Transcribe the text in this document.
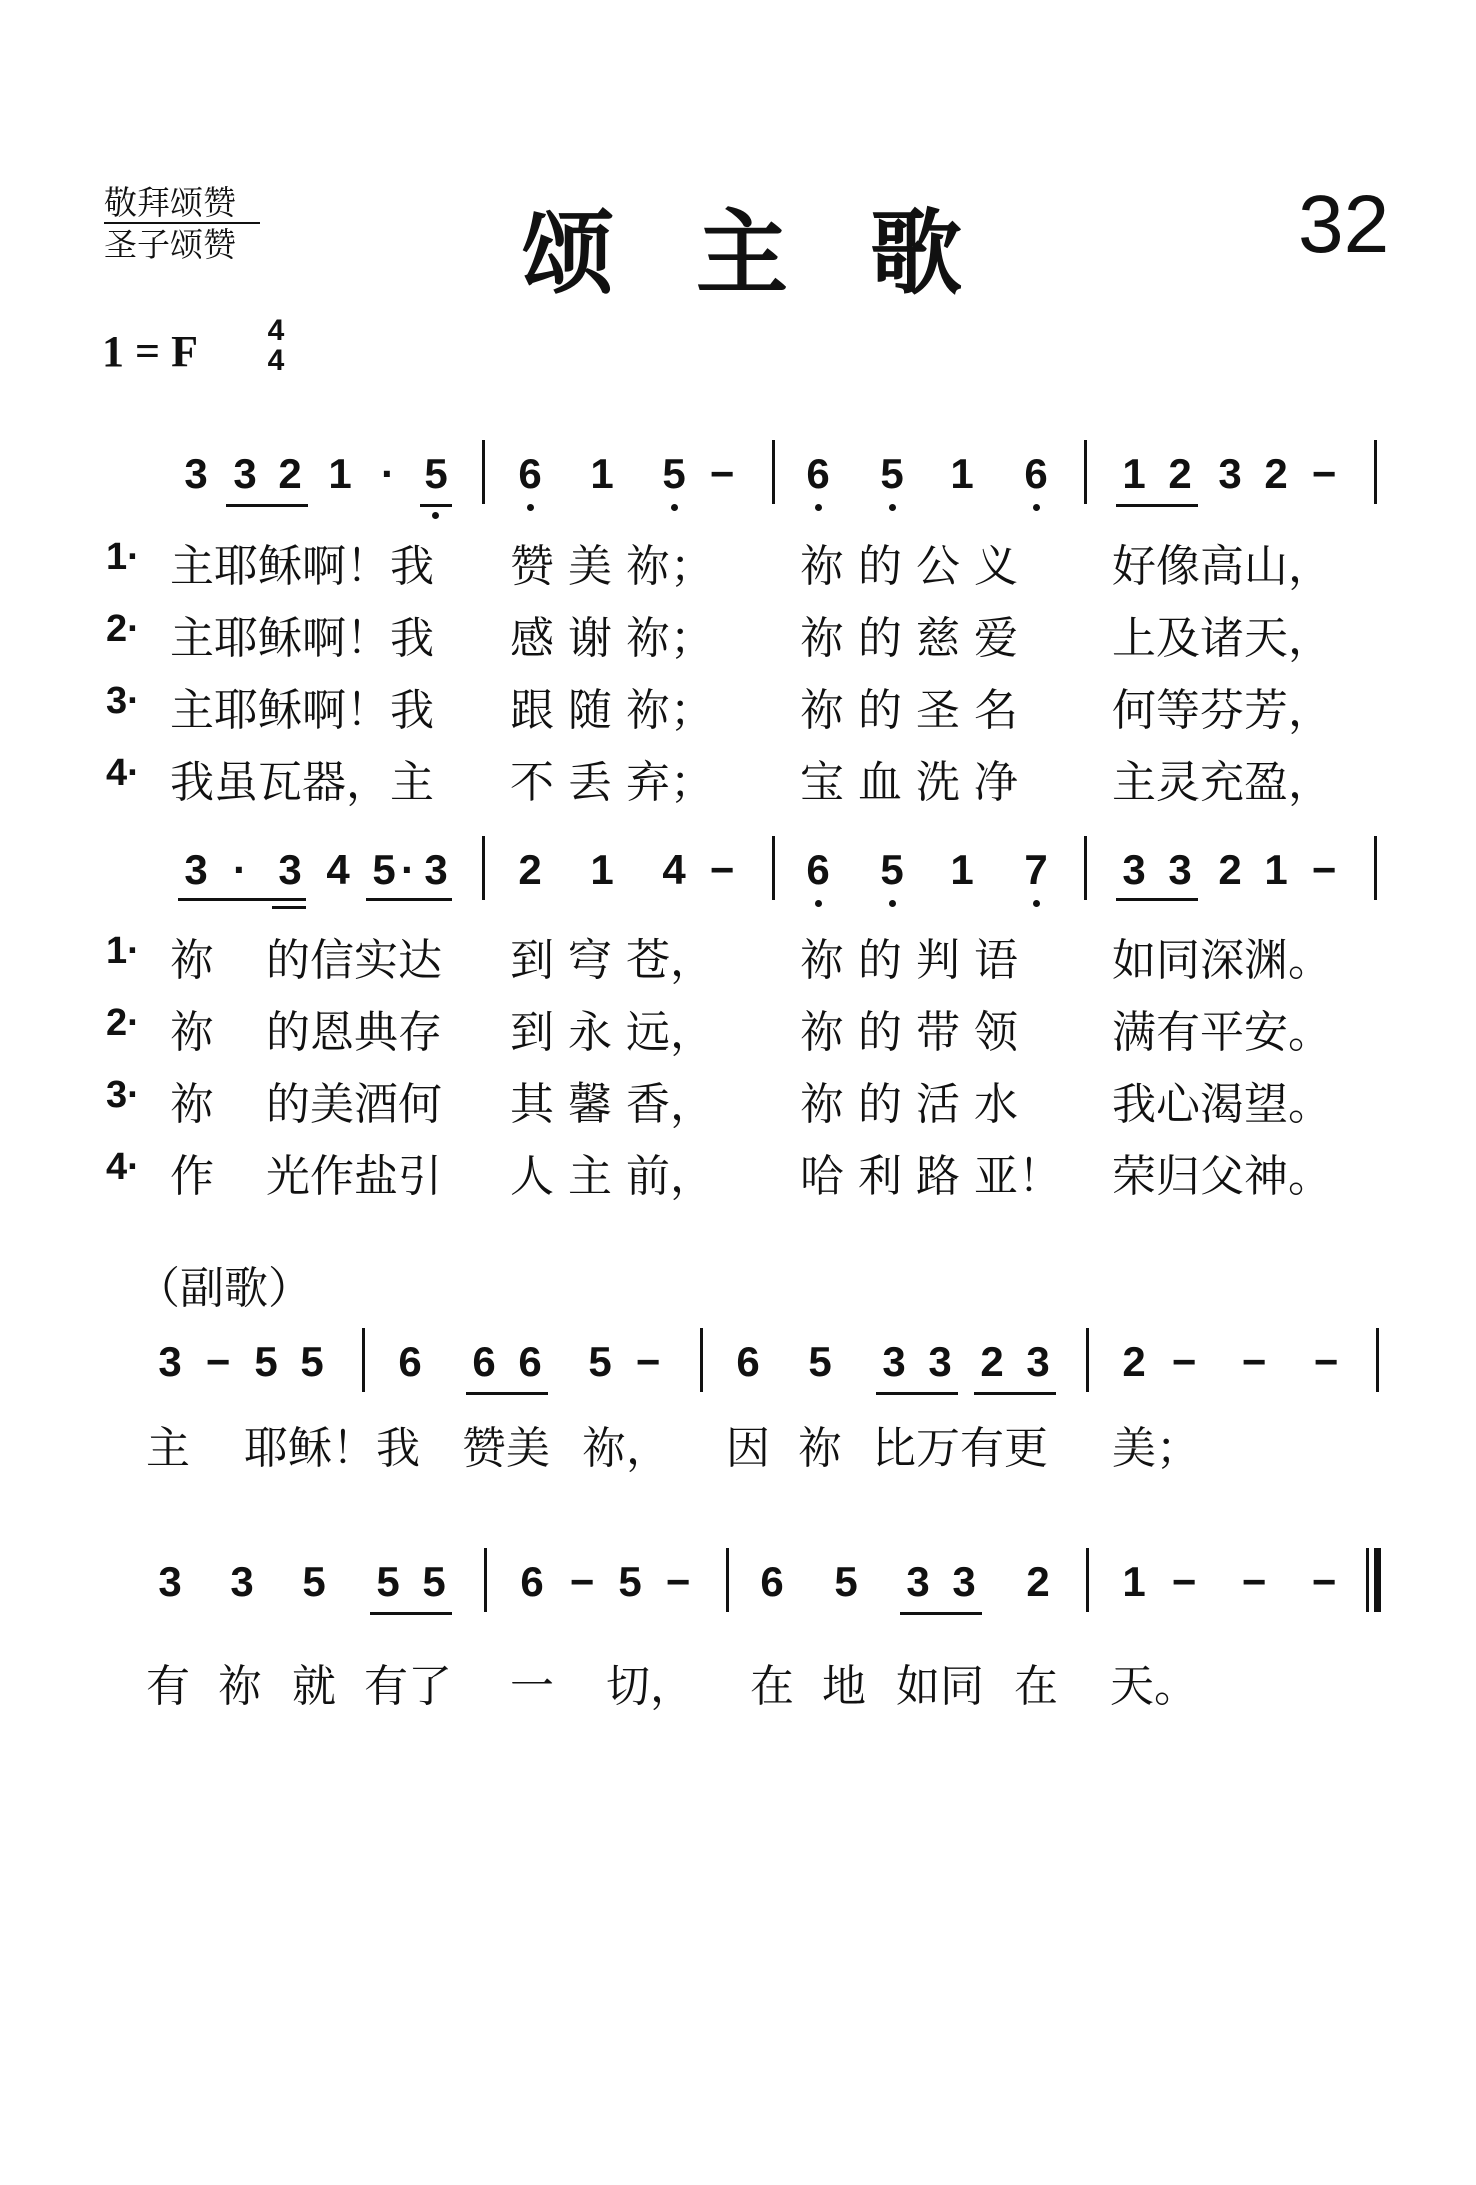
敬拜颂赞
圣子颂赞	颂主歌	32
1 = F 4
4
3 3 2 1 · 5 6 1 5 − 6 5 1 6 1 2 3 2 −
1· 主耶稣啊！我 赞 美 祢； 祢 的 公 义 好像高山，
2· 主耶稣啊！我 感 谢 祢； 祢 的 慈 爱 上及诸天，
3· 主耶稣啊！我 跟 随 祢； 祢 的 圣 名 何等芬芳，
4· 我虽瓦器，主 不 丢 弃； 宝 血 洗 净 主灵充盈，
3 · 3 4 5 · 3 2 1 4 − 6 5 1 7 3 3 2 1 −
1· 祢 的信实达 到 穹 苍， 祢 的 判 语 如同深渊。
2· 祢 的恩典存 到 永 远， 祢 的 带 领 满有平安。
3· 祢 的美酒何 其 馨 香， 祢 的 活 水 我心渴望。
4· 作 光作盐引 人 主 前， 哈 利 路 亚！ 荣归父神。
（副歌）
3 − 5 5 6 6 6 5 − 6 5 3 3 2 3 2 − − −
主 耶稣！我 赞美 祢， 因 祢 比万有更 美；
3 3 5 5 5 6 − 5 − 6 5 3 3 2 1 − − −
有 祢 就 有了 一 切， 在 地 如同 在 天。
